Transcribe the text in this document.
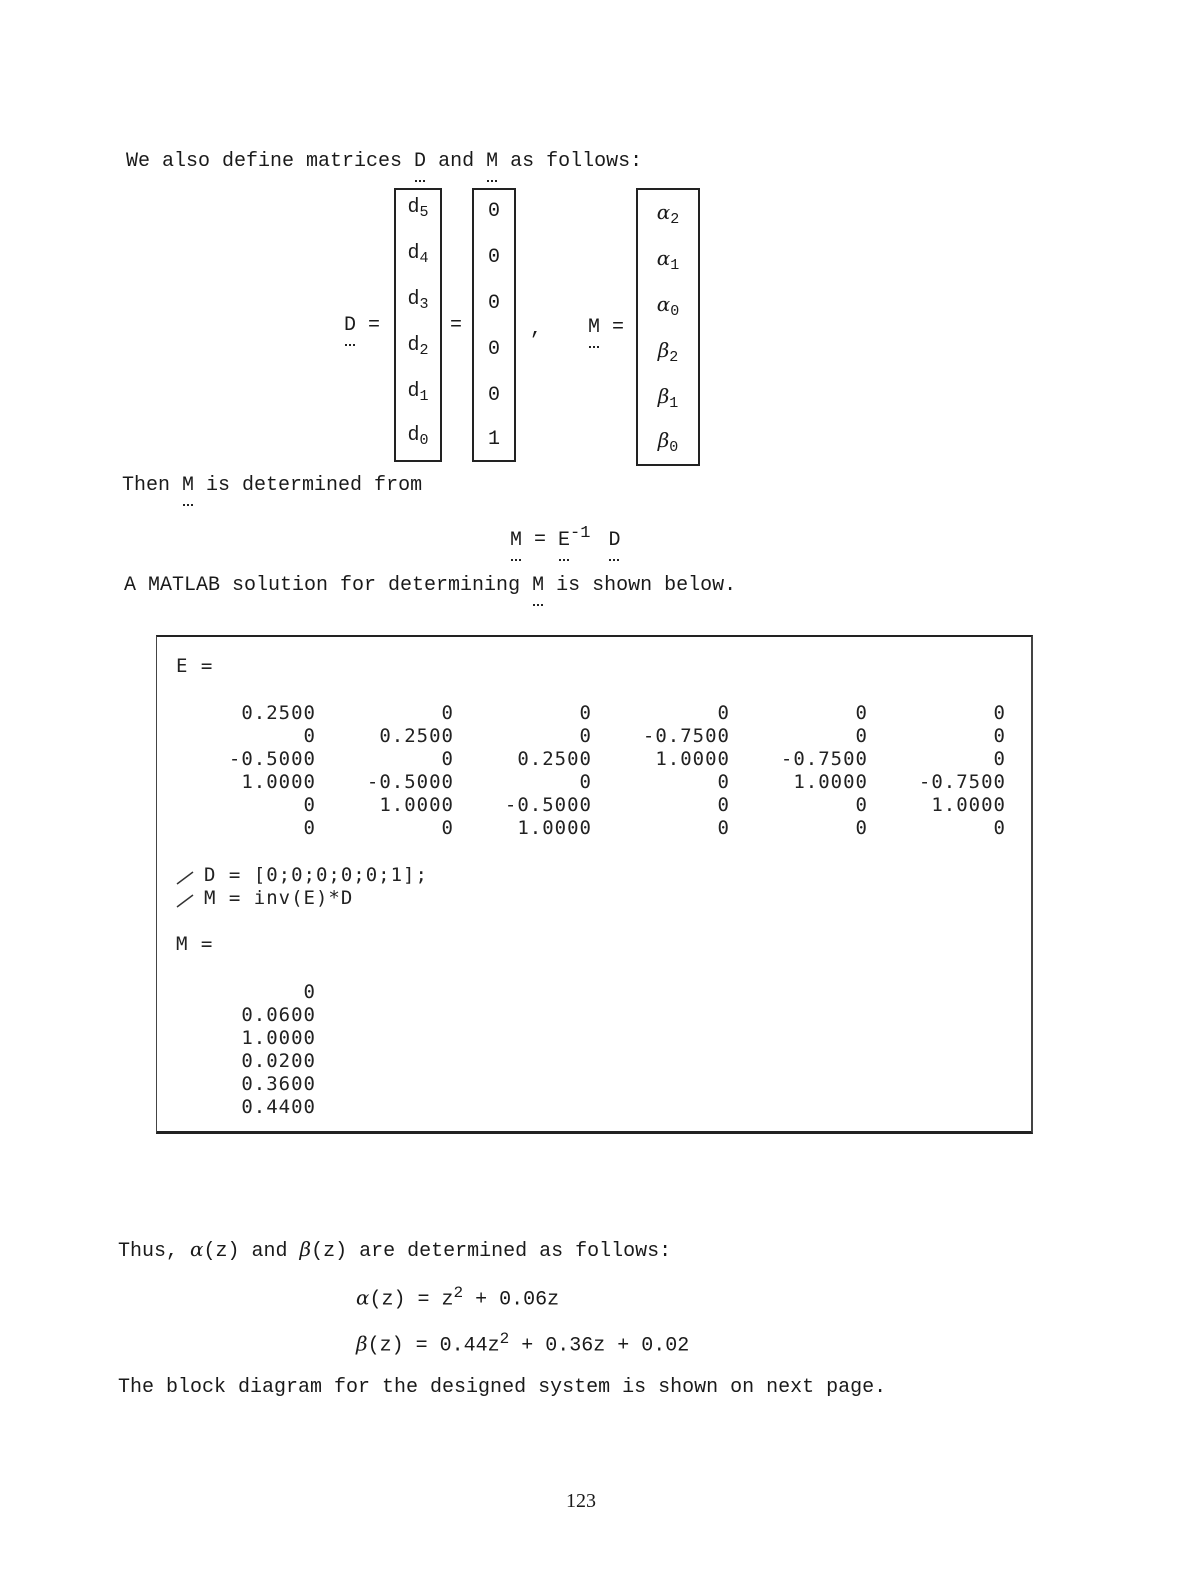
We also define matrices D and M as follows:
D =
$d_5$
$d_4$
$d_3$
$d_2$
$d_1$
$d_0$
=
0
0
0
0
0
1
, M =
$\alpha_2$
$\alpha_1$
$\alpha_0$
$\beta_2$
$\beta_1$
$\beta_0$
Then M is determined from
$M = E^{-1}$ D
A MATLAB solution for determining M is shown below.
E =
0.2500	0	0	0	0	0
0	0.2500	0	-0.7500	0	0
-0.5000	0	0.2500	1.0000	-0.7500	0
1.0000	-0.5000	0	0	1.0000	-0.7500
0	1.0000	-0.5000	0	0	1.0000
0	0	1.0000	0	0	0
D = [0;0;0;0;0;1];
M = inv(E)*D
M =
0
0.0600
1.0000
0.0200
0.3600
0.4400
Thus, α(z) and β(z) are determined as follows:
$\alpha(z) = z^2 + 0.06z$
$\beta(z) = 0.44z^2 + 0.36z + 0.02$
The block diagram for the designed system is shown on next page.
123
